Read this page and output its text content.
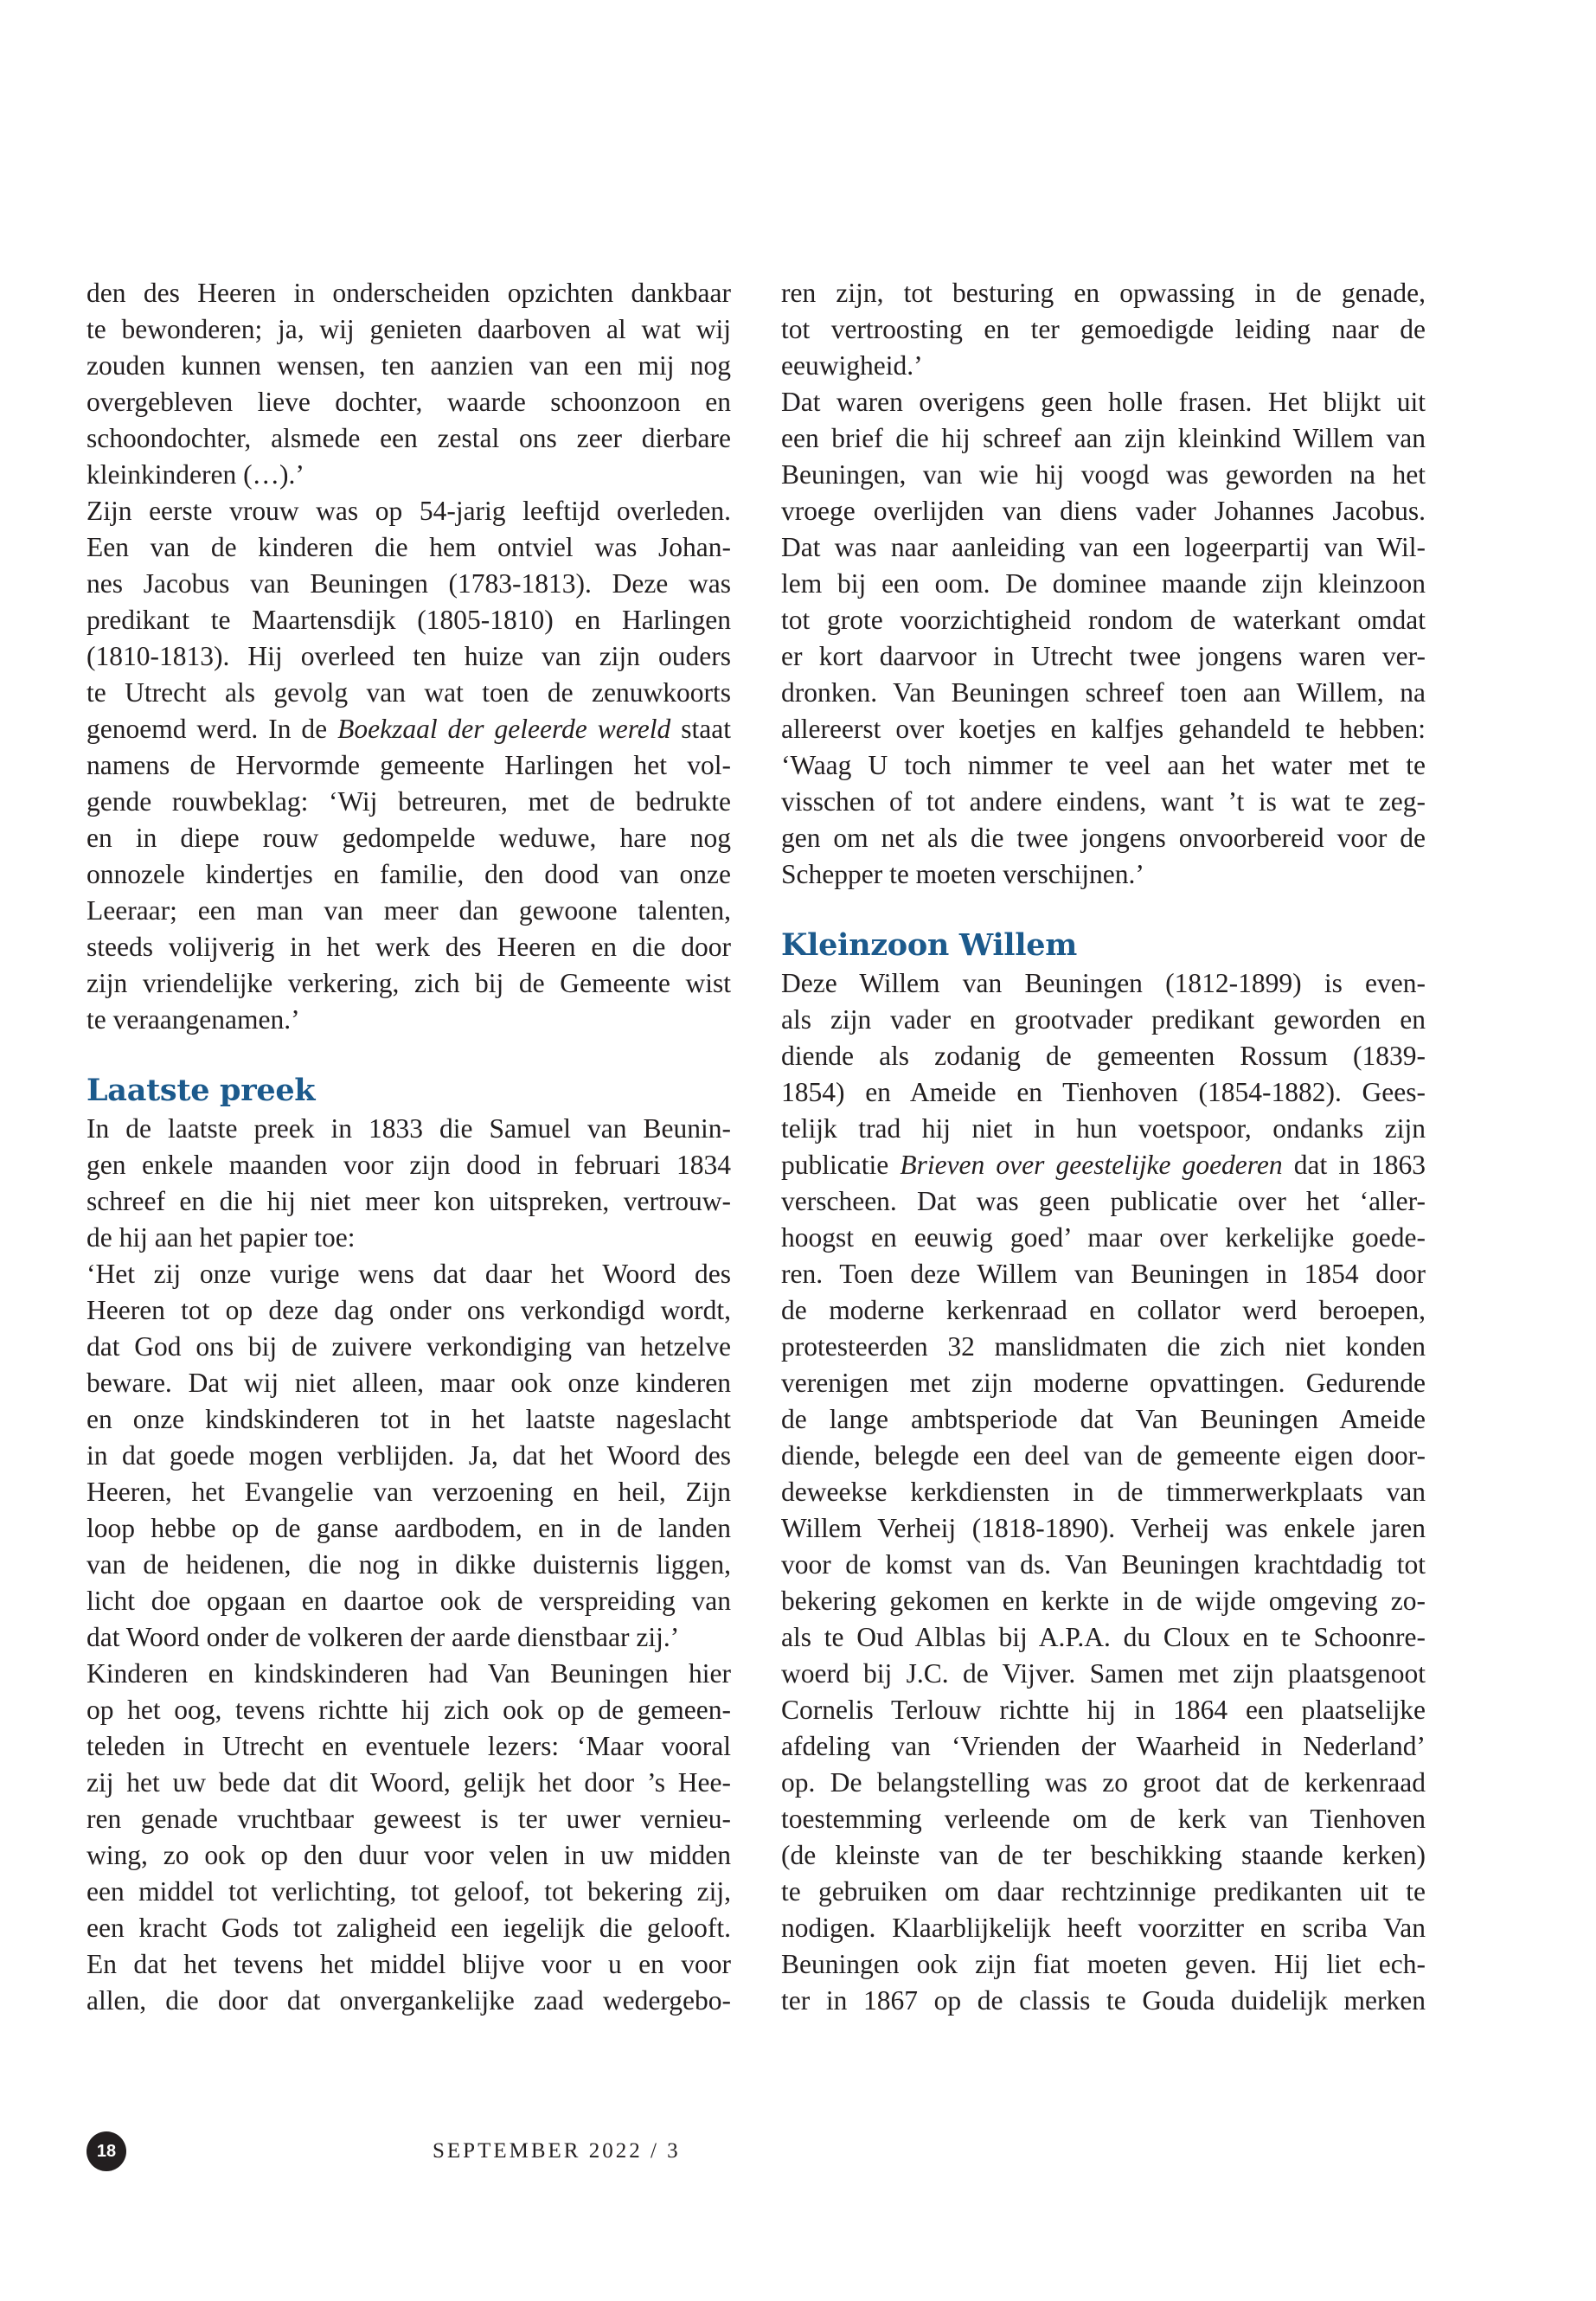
den des Heeren in onderscheiden opzichten dankbaar
te bewonderen; ja, wij genieten daarboven al wat wij
zouden kunnen wensen, ten aanzien van een mij nog
overgebleven lieve dochter, waarde schoonzoon en
schoondochter, alsmede een zestal ons zeer dierbare
kleinkinderen (…).’
Zijn eerste vrouw was op 54-jarig leeftijd overleden.
Een van de kinderen die hem ontviel was Johan-
nes Jacobus van Beuningen (1783-1813). Deze was
predikant te Maartensdijk (1805-1810) en Harlingen
(1810-1813). Hij overleed ten huize van zijn ouders
te Utrecht als gevolg van wat toen de zenuwkoorts
genoemd werd. In de Boekzaal der geleerde wereld staat
namens de Hervormde gemeente Harlingen het vol-
gende rouwbeklag: ‘Wij betreuren, met de bedrukte
en in diepe rouw gedompelde weduwe, hare nog
onnozele kindertjes en familie, den dood van onze
Leeraar; een man van meer dan gewoone talenten,
steeds volijverig in het werk des Heeren en die door
zijn vriendelijke verkering, zich bij de Gemeente wist
te veraangenamen.’
Laatste preek
In de laatste preek in 1833 die Samuel van Beunin-
gen enkele maanden voor zijn dood in februari 1834
schreef en die hij niet meer kon uitspreken, vertrouw-
de hij aan het papier toe:
‘Het zij onze vurige wens dat daar het Woord des
Heeren tot op deze dag onder ons verkondigd wordt,
dat God ons bij de zuivere verkondiging van hetzelve
beware. Dat wij niet alleen, maar ook onze kinderen
en onze kindskinderen tot in het laatste nageslacht
in dat goede mogen verblijden. Ja, dat het Woord des
Heeren, het Evangelie van verzoening en heil, Zijn
loop hebbe op de ganse aardbodem, en in de landen
van de heidenen, die nog in dikke duisternis liggen,
licht doe opgaan en daartoe ook de verspreiding van
dat Woord onder de volkeren der aarde dienstbaar zij.’
Kinderen en kindskinderen had Van Beuningen hier
op het oog, tevens richtte hij zich ook op de gemeen-
teleden in Utrecht en eventuele lezers: ‘Maar vooral
zij het uw bede dat dit Woord, gelijk het door ’s Hee-
ren genade vruchtbaar geweest is ter uwer vernieu-
wing, zo ook op den duur voor velen in uw midden
een middel tot verlichting, tot geloof, tot bekering zij,
een kracht Gods tot zaligheid een iegelijk die gelooft.
En dat het tevens het middel blijve voor u en voor
allen, die door dat onvergankelijke zaad wedergebo-
ren zijn, tot besturing en opwassing in de genade,
tot vertroosting en ter gemoedigde leiding naar de
eeuwigheid.’
Dat waren overigens geen holle frasen. Het blijkt uit
een brief die hij schreef aan zijn kleinkind Willem van
Beuningen, van wie hij voogd was geworden na het
vroege overlijden van diens vader Johannes Jacobus.
Dat was naar aanleiding van een logeerpartij van Wil-
lem bij een oom. De dominee maande zijn kleinzoon
tot grote voorzichtigheid rondom de waterkant omdat
er kort daarvoor in Utrecht twee jongens waren ver-
dronken. Van Beuningen schreef toen aan Willem, na
allereerst over koetjes en kalfjes gehandeld te hebben:
‘Waag U toch nimmer te veel aan het water met te
visschen of tot andere eindens, want ’t is wat te zeg-
gen om net als die twee jongens onvoorbereid voor de
Schepper te moeten verschijnen.’
Kleinzoon Willem
Deze Willem van Beuningen (1812-1899) is even-
als zijn vader en grootvader predikant geworden en
diende als zodanig de gemeenten Rossum (1839-
1854) en Ameide en Tienhoven (1854-1882). Gees-
telijk trad hij niet in hun voetspoor, ondanks zijn
publicatie Brieven over geestelijke goederen dat in 1863
verscheen. Dat was geen publicatie over het ‘aller-
hoogst en eeuwig goed’ maar over kerkelijke goede-
ren. Toen deze Willem van Beuningen in 1854 door
de moderne kerkenraad en collator werd beroepen,
protesteerden 32 manslidmaten die zich niet konden
verenigen met zijn moderne opvattingen. Gedurende
de lange ambtsperiode dat Van Beuningen Ameide
diende, belegde een deel van de gemeente eigen door-
deweekse kerkdiensten in de timmerwerkplaats van
Willem Verheij (1818-1890). Verheij was enkele jaren
voor de komst van ds. Van Beuningen krachtdadig tot
bekering gekomen en kerkte in de wijde omgeving zo-
als te Oud Alblas bij A.P.A. du Cloux en te Schoonre-
woerd bij J.C. de Vijver. Samen met zijn plaatsgenoot
Cornelis Terlouw richtte hij in 1864 een plaatselijke
afdeling van ‘Vrienden der Waarheid in Nederland’
op. De belangstelling was zo groot dat de kerkenraad
toestemming verleende om de kerk van Tienhoven
(de kleinste van de ter beschikking staande kerken)
te gebruiken om daar rechtzinnige predikanten uit te
nodigen. Klaarblijkelijk heeft voorzitter en scriba Van
Beuningen ook zijn fiat moeten geven. Hij liet ech-
ter in 1867 op de classis te Gouda duidelijk merken
18	SEPTEMBER 2022 / 3
